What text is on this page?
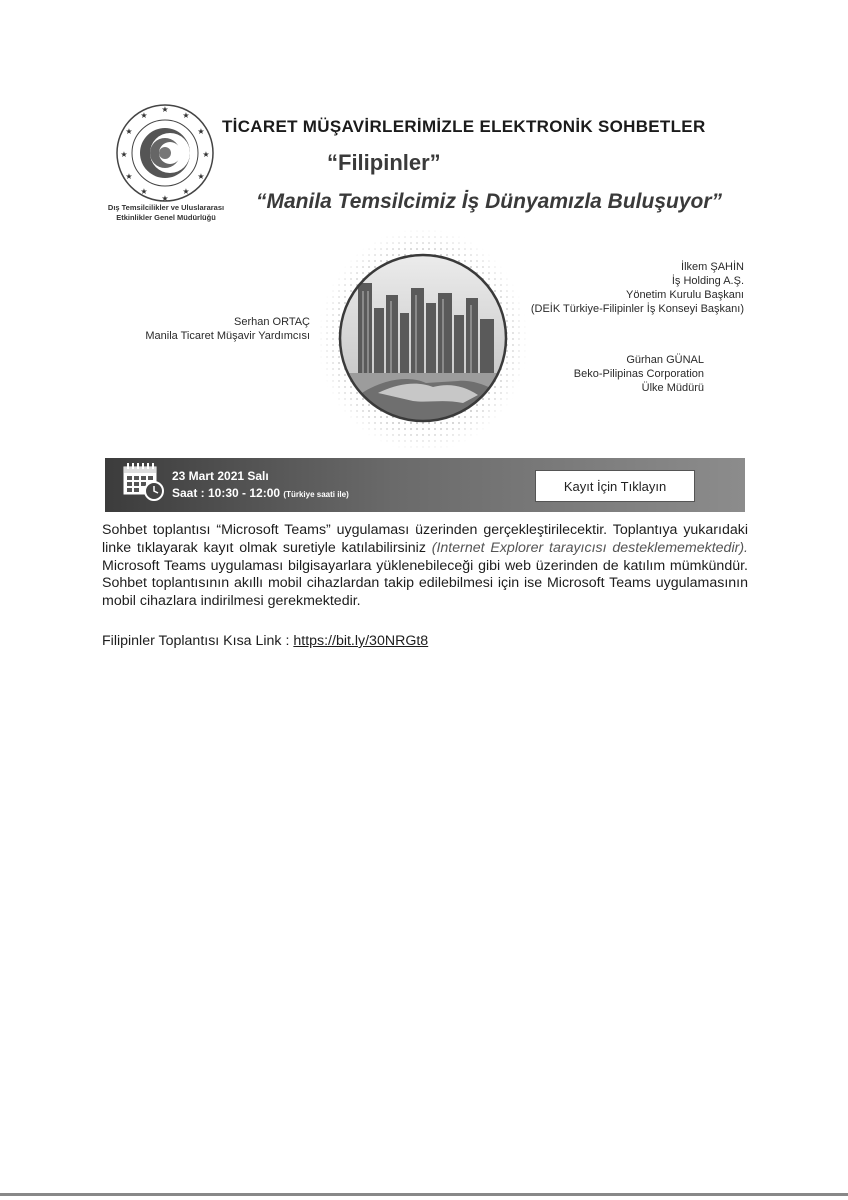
★
★
★
★
★
★
★
★
★
★
★
★
Dış Temsilcilikler ve Uluslararası
Etkinlikler Genel Müdürlüğü
TİCARET MÜŞAVİRLERİMİZLE ELEKTRONİK SOHBETLER
“Filipinler”
“Manila Temsilcimiz İş Dünyamızla Buluşuyor”
Serhan ORTAÇ
Manila Ticaret Müşavir Yardımcısı
İlkem ŞAHİN
İş Holding A.Ş.
Yönetim Kurulu Başkanı
(DEİK Türkiye-Filipinler İş Konseyi Başkanı)
Gürhan GÜNAL
Beko-Pilipinas Corporation
Ülke Müdürü
23 Mart 2021 Salı
Saat : 10:30 - 12:00 (Türkiye saati ile)
Kayıt İçin Tıklayın
Sohbet toplantısı “Microsoft Teams” uygulaması üzerinden gerçekleştirilecektir. Toplantıya yukarıdaki linke tıklayarak kayıt olmak suretiyle katılabilirsiniz (Internet Explorer tarayıcısı desteklememektedir). Microsoft Teams uygulaması bilgisayarlara yüklenebileceği gibi web üzerinden de katılım mümkündür. Sohbet toplantısının akıllı mobil cihazlardan takip edilebilmesi için ise Microsoft Teams uygulamasının mobil cihazlara indirilmesi gerekmektedir.
Filipinler Toplantısı Kısa Link : https://bit.ly/30NRGt8
